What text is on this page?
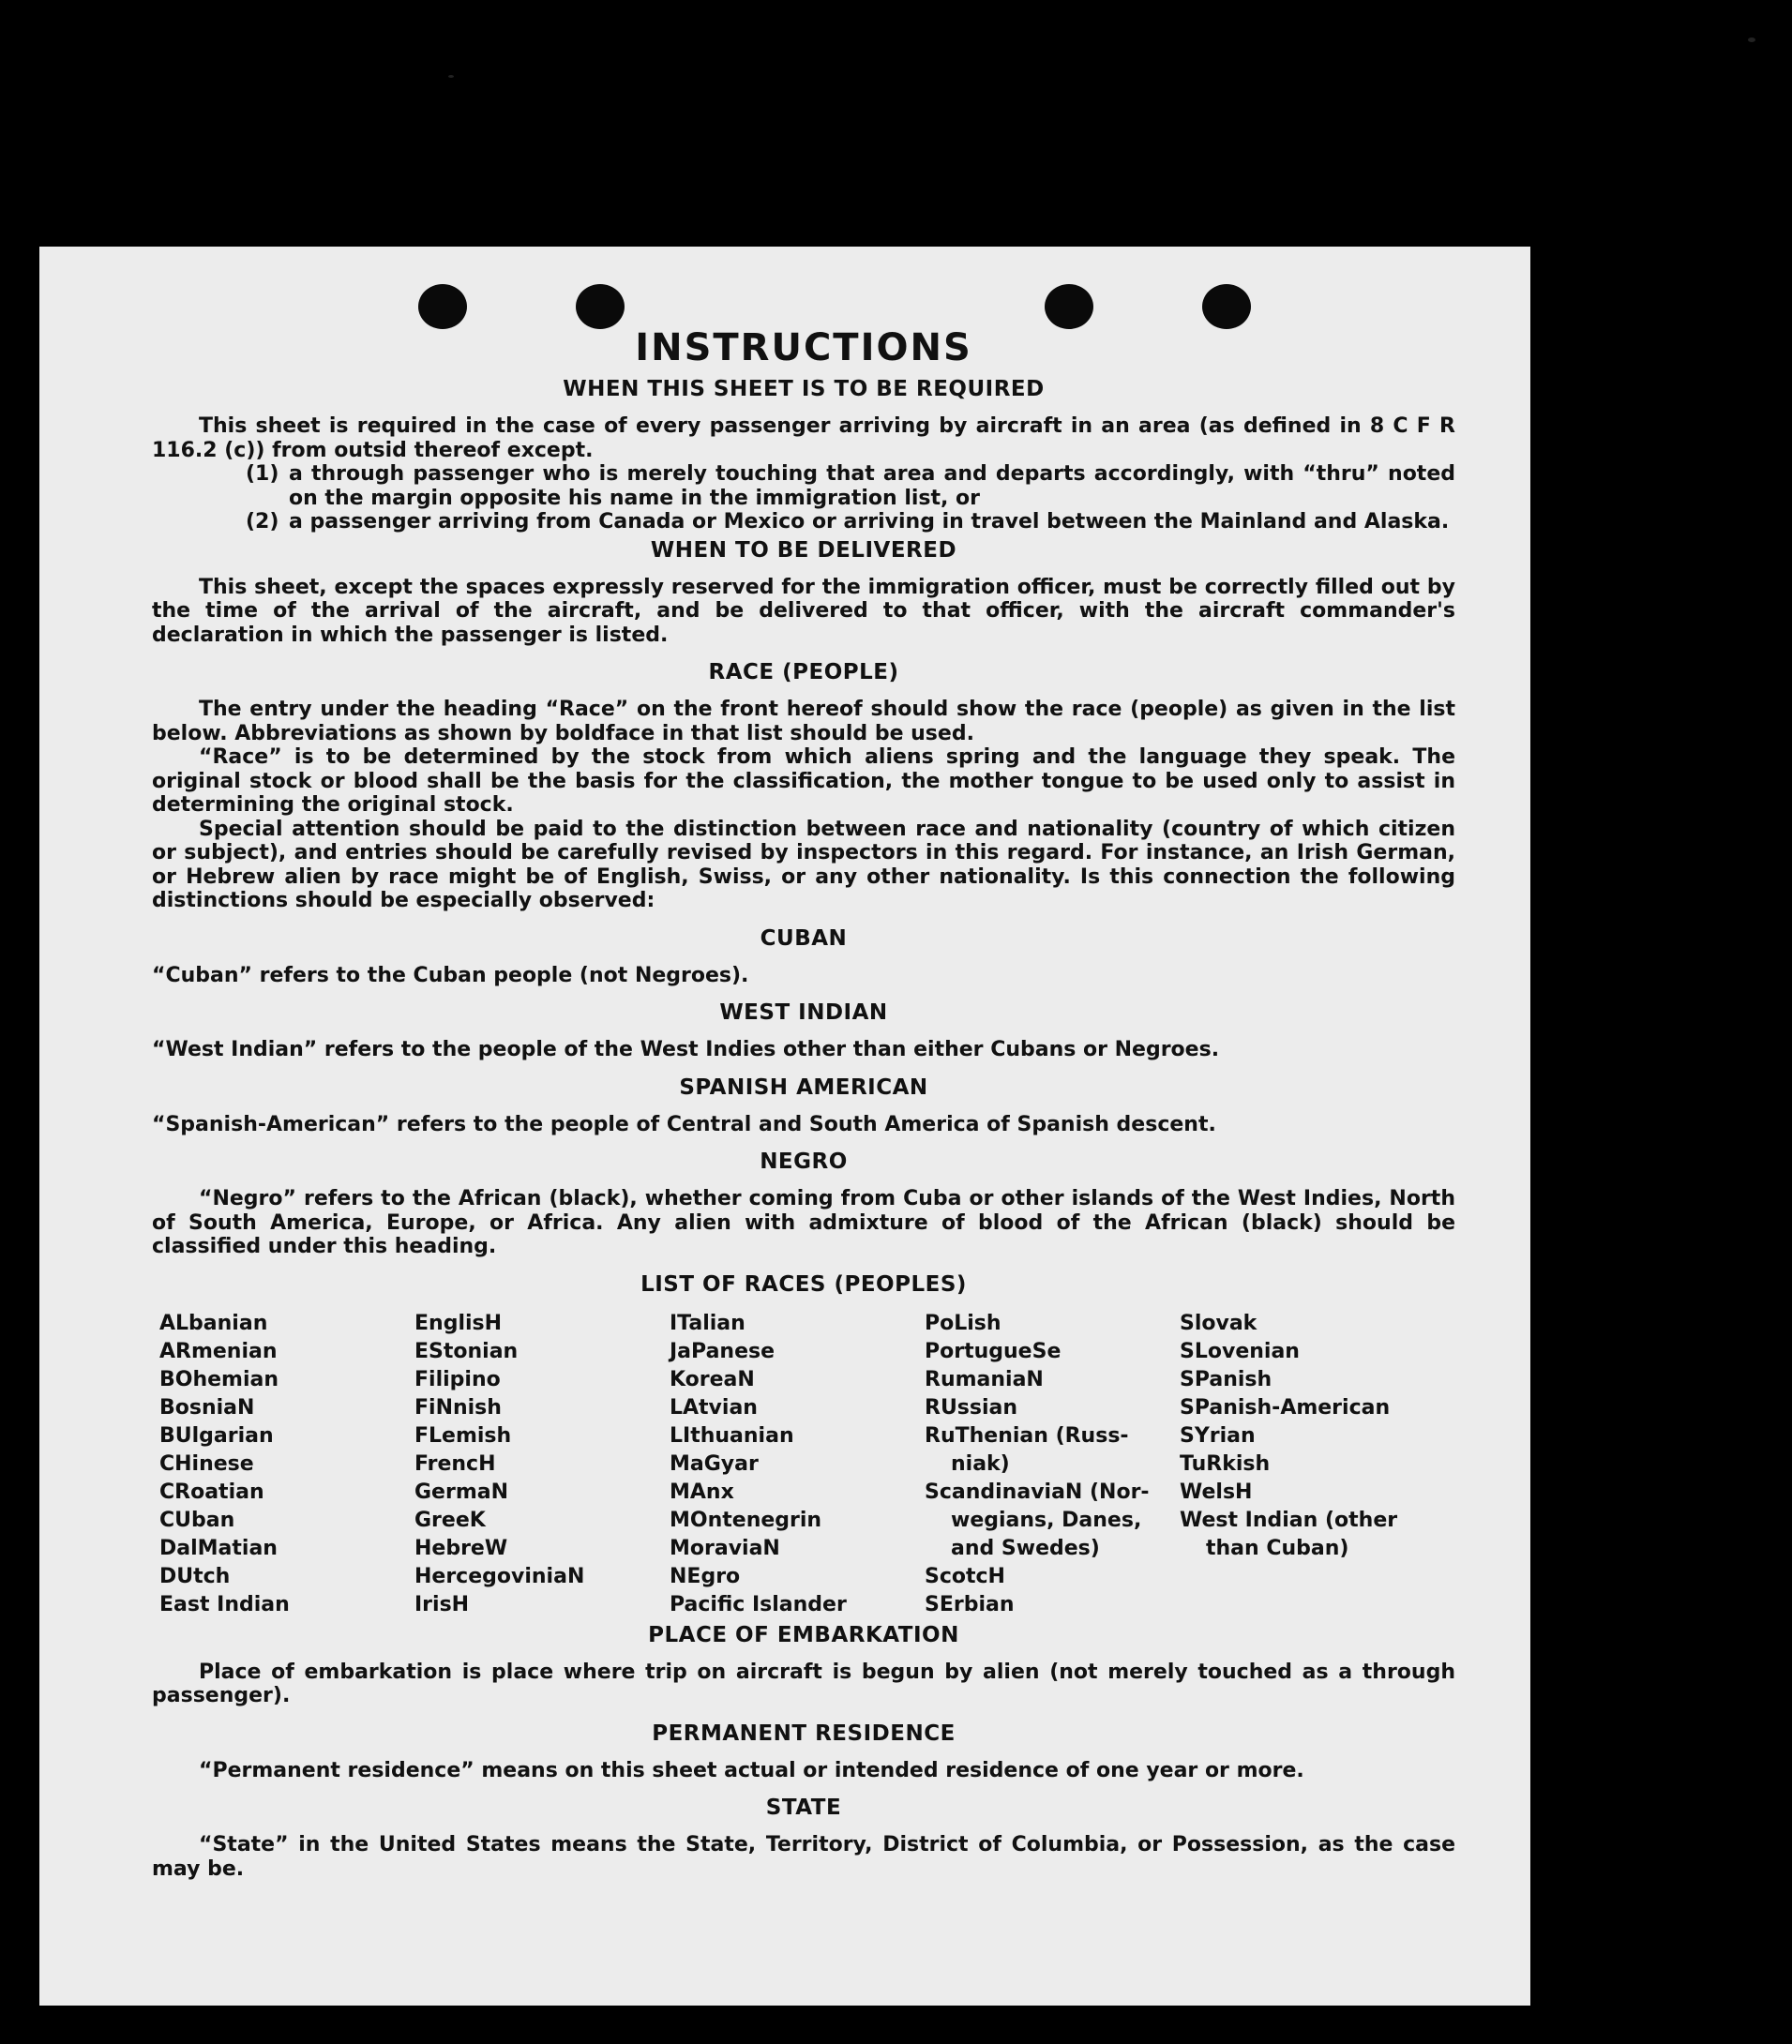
INSTRUCTIONS
WHEN THIS SHEET IS TO BE REQUIRED

This sheet is required in the case of every passenger arriving by aircraft in an area (as defined in 8 C F R 116.2 (c)) from outsid thereof except.

(1) a through passenger who is merely touching that area and departs accordingly, with “thru” noted on the margin opposite his name in the immigration list, or
(2) a passenger arriving from Canada or Mexico or arriving in travel between the Mainland and Alaska.
WHEN TO BE DELIVERED

This sheet, except the spaces expressly reserved for the immigration officer, must be correctly filled out by the time of the arrival of the aircraft, and be delivered to that officer, with the aircraft commander's declaration in which the passenger is listed.

RACE (PEOPLE)

The entry under the heading “Race” on the front hereof should show the race (people) as given in the list below. Abbreviations as shown by boldface in that list should be used.

“Race” is to be determined by the stock from which aliens spring and the language they speak. The original stock or blood shall be the basis for the classification, the mother tongue to be used only to assist in determining the original stock.

Special attention should be paid to the distinction between race and nationality (country of which citizen or subject), and entries should be carefully revised by inspectors in this regard. For instance, an Irish German, or Hebrew alien by race might be of English, Swiss, or any other nationality. Is this connection the following distinctions should be especially observed:

CUBAN

“Cuban” refers to the Cuban people (not Negroes).

WEST INDIAN

“West Indian” refers to the people of the West Indies other than either Cubans or Negroes.

SPANISH AMERICAN

“Spanish-American” refers to the people of Central and South America of Spanish descent.

NEGRO

“Negro” refers to the African (black), whether coming from Cuba or other islands of the West Indies, North of South America, Europe, or Africa. Any alien with admixture of blood of the African (black) should be classified under this heading.

LIST OF RACES (PEOPLES)
ALbanian
ARmenian
BOhemian
BosniaN
BUlgarian
CHinese
CRoatian
CUban
DalMatian
DUtch
East Indian
EnglisH
EStonian
Filipino
FiNnish
FLemish
FrencH
GermaN
GreeK
HebreW
HercegoviniaN
IrisH
ITalian
JaPanese
KoreaN
LAtvian
LIthuanian
MaGyar
MAnx
MOntenegrin
MoraviaN
NEgro
Pacific Islander
PoLish
PortugueSe
RumaniaN
RUssian
RuThenian (Russ-
niak)
ScandinaviaN (Nor-
wegians, Danes,
and Swedes)
ScotcH
SErbian
Slovak
SLovenian
SPanish
SPanish-American
SYrian
TuRkish
WelsH
West Indian (other
than Cuban)
PLACE OF EMBARKATION

Place of embarkation is place where trip on aircraft is begun by alien (not merely touched as a through passenger).

PERMANENT RESIDENCE

“Permanent residence” means on this sheet actual or intended residence of one year or more.

STATE

“State” in the United States means the State, Territory, District of Columbia, or Possession, as the case may be.
